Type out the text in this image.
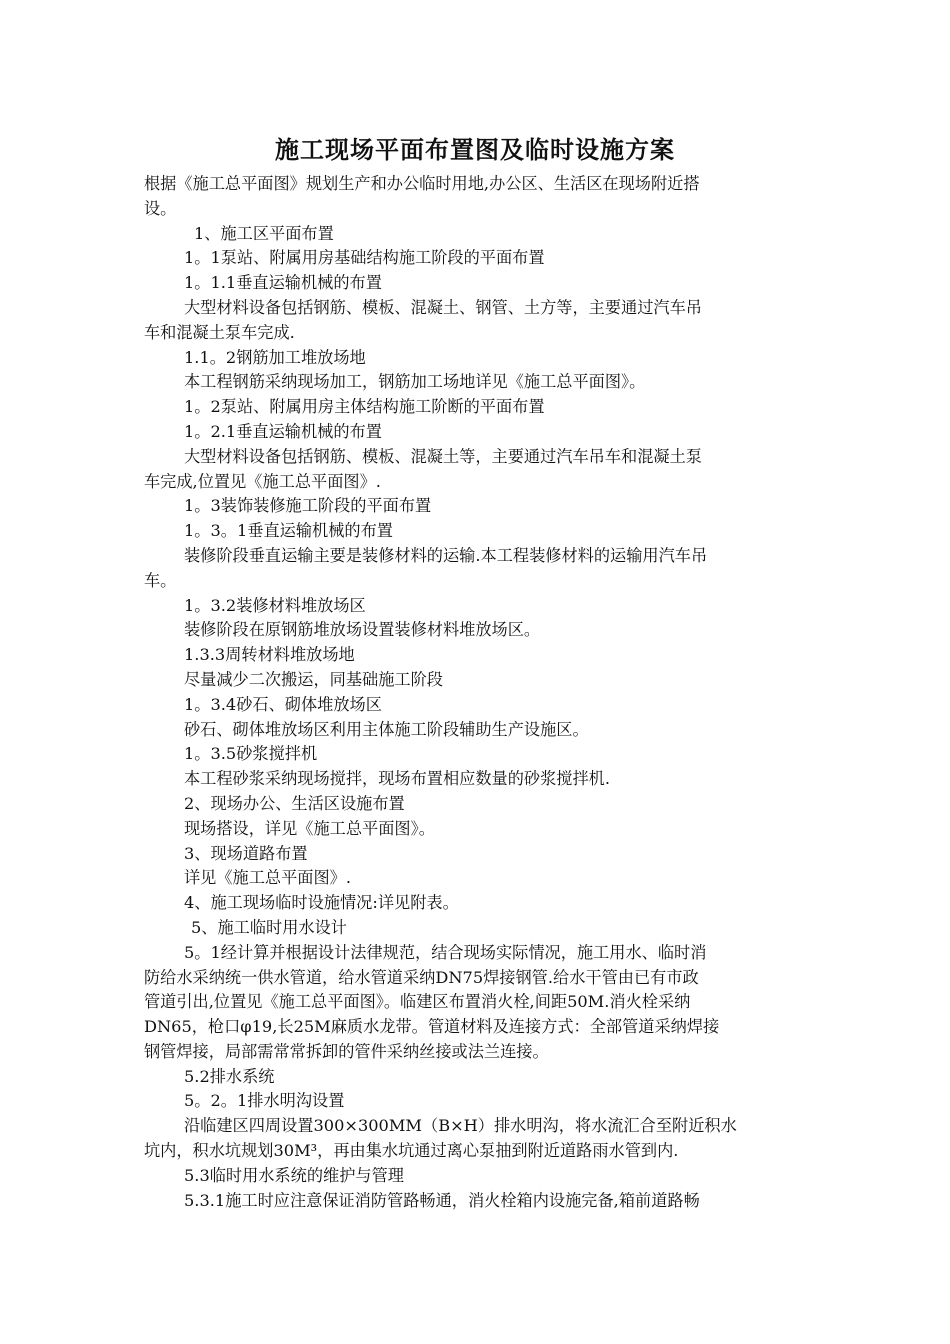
施工现场平面布置图及临时设施方案

根据《施工总平面图》规划生产和办公临时用地,办公区、生活区在现场附近搭

设。

1、施工区平面布置

1。1泵站、附属用房基础结构施工阶段的平面布置

1。1.1垂直运输机械的布置

大型材料设备包括钢筋、模板、混凝土、钢管、土方等，主要通过汽车吊

车和混凝土泵车完成.

1.1。2钢筋加工堆放场地

本工程钢筋采纳现场加工，钢筋加工场地详见《施工总平面图》。

1。2泵站、附属用房主体结构施工阶断的平面布置

1。2.1垂直运输机械的布置

大型材料设备包括钢筋、模板、混凝土等，主要通过汽车吊车和混凝土泵

车完成,位置见《施工总平面图》.

1。3装饰装修施工阶段的平面布置

1。3。1垂直运输机械的布置

装修阶段垂直运输主要是装修材料的运输.本工程装修材料的运输用汽车吊

车。

1。3.2装修材料堆放场区

装修阶段在原钢筋堆放场设置装修材料堆放场区。

1.3.3周转材料堆放场地

尽量减少二次搬运，同基础施工阶段

1。3.4砂石、砌体堆放场区

砂石、砌体堆放场区利用主体施工阶段辅助生产设施区。

1。3.5砂浆搅拌机

本工程砂浆采纳现场搅拌，现场布置相应数量的砂浆搅拌机.

2、现场办公、生活区设施布置

现场搭设，详见《施工总平面图》。

3、现场道路布置

详见《施工总平面图》.

4、施工现场临时设施情况:详见附表。

5、施工临时用水设计

5。1经计算并根据设计法律规范，结合现场实际情况，施工用水、临时消

防给水采纳统一供水管道，给水管道采纳DN75焊接钢管.给水干管由已有市政

管道引出,位置见《施工总平面图》。临建区布置消火栓,间距50M.消火栓采纳

DN65，枪口φ19,长25M麻质水龙带。管道材料及连接方式：全部管道采纳焊接

钢管焊接，局部需常常拆卸的管件采纳丝接或法兰连接。

5.2排水系统

5。2。1排水明沟设置

沿临建区四周设置300×300MM（B×H）排水明沟，将水流汇合至附近积水

坑内，积水坑规划30M³，再由集水坑通过离心泵抽到附近道路雨水管到内.

5.3临时用水系统的维护与管理

5.3.1施工时应注意保证消防管路畅通，消火栓箱内设施完备,箱前道路畅
